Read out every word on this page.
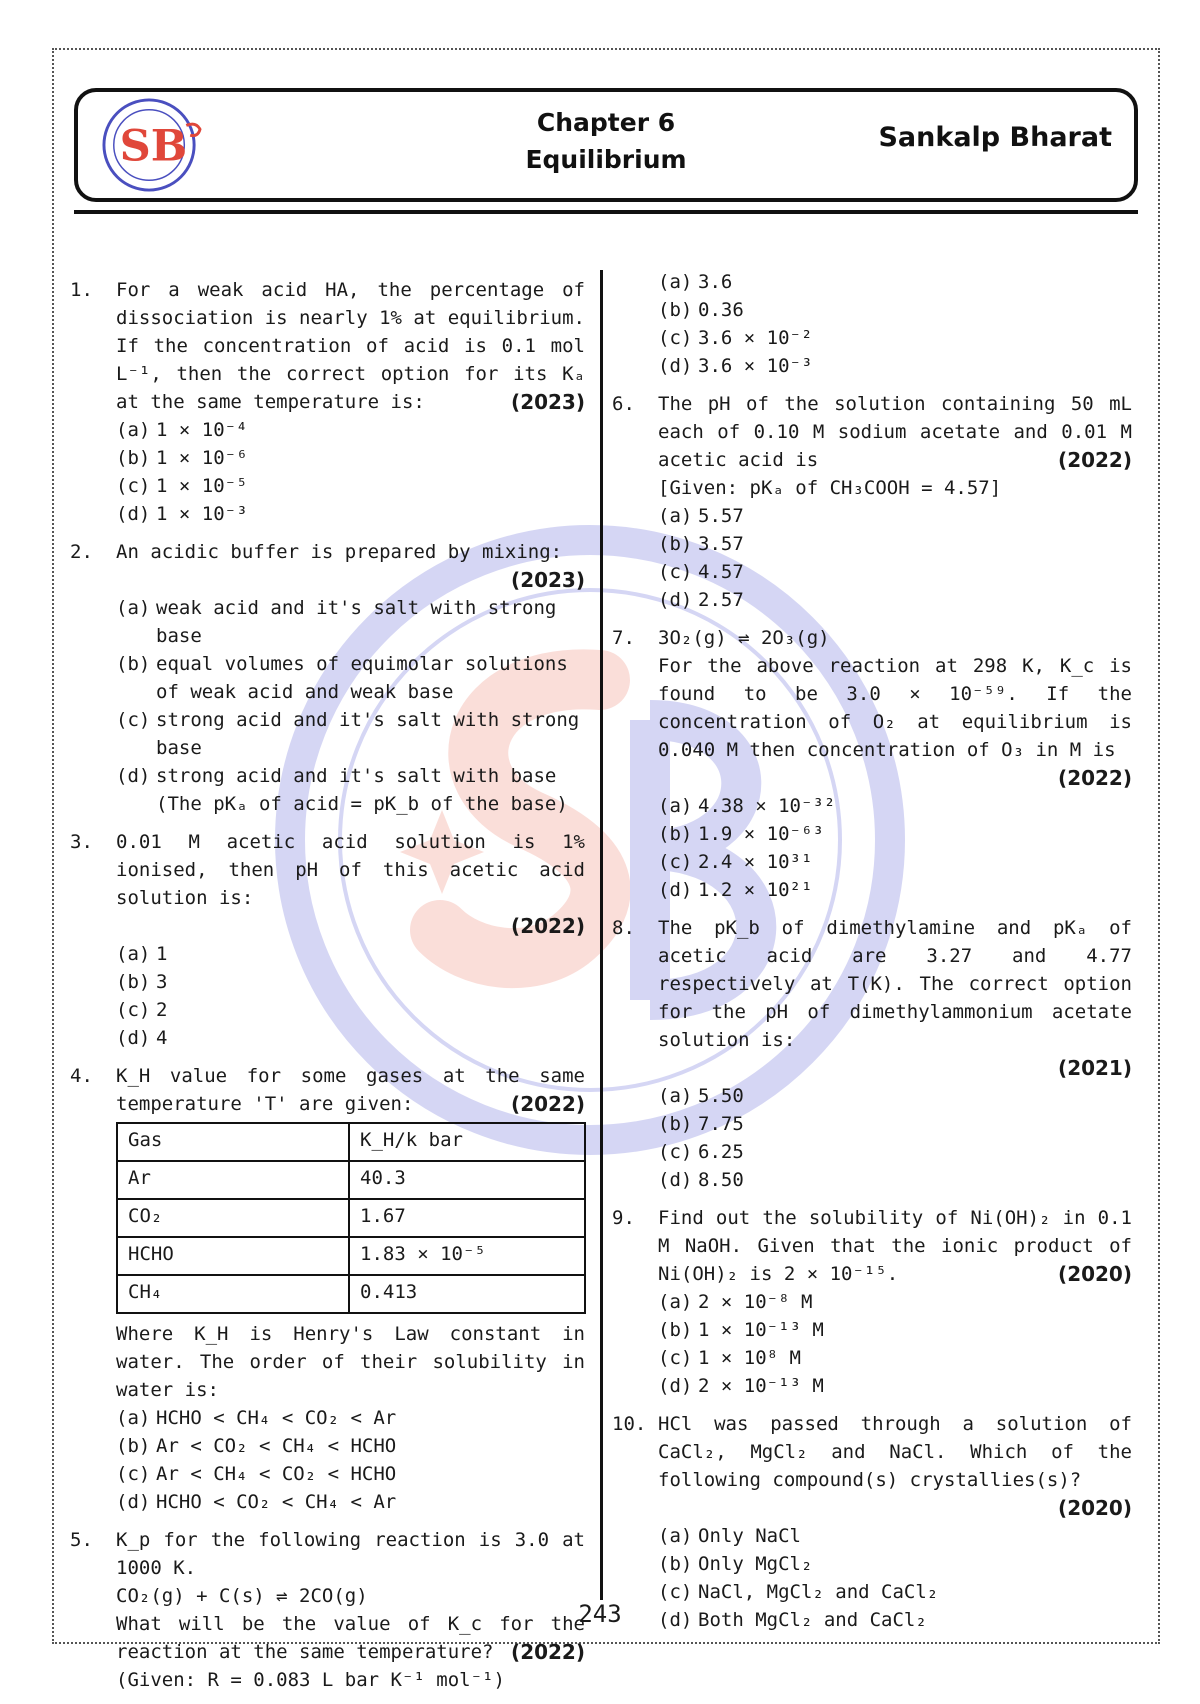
SB	Chapter 6
Equilibrium
Sankalp Bharat
1. For a weak acid HA, the percentage of dissociation is nearly 1% at equilibrium. If the concentration of acid is 0.1 mol L⁻¹, then the correct option for its Kₐ at the same temperature is:	(2023)
(a) 1 × 10⁻⁴
(b) 1 × 10⁻⁶
(c) 1 × 10⁻⁵
(d) 1 × 10⁻³
2. An acidic buffer is prepared by mixing:

(2023)
(a) weak acid and it's salt with strong base
(b) equal volumes of equimolar solutions of weak acid and weak base
(c) strong acid and it's salt with strong base
(d) strong acid and it's salt with base (The pKₐ of acid = pK_b of the base)
3. 0.01 M acetic acid solution is 1% ionised, then pH of this acetic acid solution is:

(2022)
(a) 1
(b) 3
(c) 2
(d) 4
4. K_H value for some gases at the same temperature 'T' are given:	(2022)
Gas	K_H/k bar
Ar	40.3
CO₂	1.67
HCHO	1.83 × 10⁻⁵
CH₄	0.413
Where K_H is Henry's Law constant in water. The order of their solubility in water is:
(a) HCHO < CH₄ < CO₂ < Ar
(b) Ar < CO₂ < CH₄ < HCHO
(c) Ar < CH₄ < CO₂ < HCHO
(d) HCHO < CO₂ < CH₄ < Ar
5. K_p for the following reaction is 3.0 at 1000 K.
CO₂(g) + C(s) ⇌ 2CO(g)
What will be the value of K_c for the reaction at the same temperature? (2022)
(Given: R = 0.083 L bar K⁻¹ mol⁻¹)
(a) 3.6
(b) 0.36
(c) 3.6 × 10⁻²
(d) 3.6 × 10⁻³
6. The pH of the solution containing 50 mL each of 0.10 M sodium acetate and 0.01 M acetic acid is	(2022)
[Given: pKₐ of CH₃COOH = 4.57]
(a) 5.57
(b) 3.57
(c) 4.57
(d) 2.57
7. 3O₂(g) ⇌ 2O₃(g)
For the above reaction at 298 K, K_c is found to be 3.0 × 10⁻⁵⁹. If the concentration of O₂ at equilibrium is 0.040 M then concentration of O₃ in M is
(2022)
(a) 4.38 × 10⁻³²
(b) 1.9 × 10⁻⁶³
(c) 2.4 × 10³¹
(d) 1.2 × 10²¹
8. The pK_b of dimethylamine and pKₐ of acetic acid are 3.27 and 4.77 respectively at T(K). The correct option for the pH of dimethylammonium acetate solution is:

(2021)
(a) 5.50
(b) 7.75
(c) 6.25
(d) 8.50
9. Find out the solubility of Ni(OH)₂ in 0.1 M NaOH. Given that the ionic product of Ni(OH)₂ is 2 × 10⁻¹⁵.	(2020)
(a) 2 × 10⁻⁸ M
(b) 1 × 10⁻¹³ M
(c) 1 × 10⁸ M
(d) 2 × 10⁻¹³ M
10. HCl was passed through a solution of CaCl₂, MgCl₂ and NaCl. Which of the following compound(s) crystallies(s)?
(2020)
(a) Only NaCl
(b) Only MgCl₂
(c) NaCl, MgCl₂ and CaCl₂
(d) Both MgCl₂ and CaCl₂
243
